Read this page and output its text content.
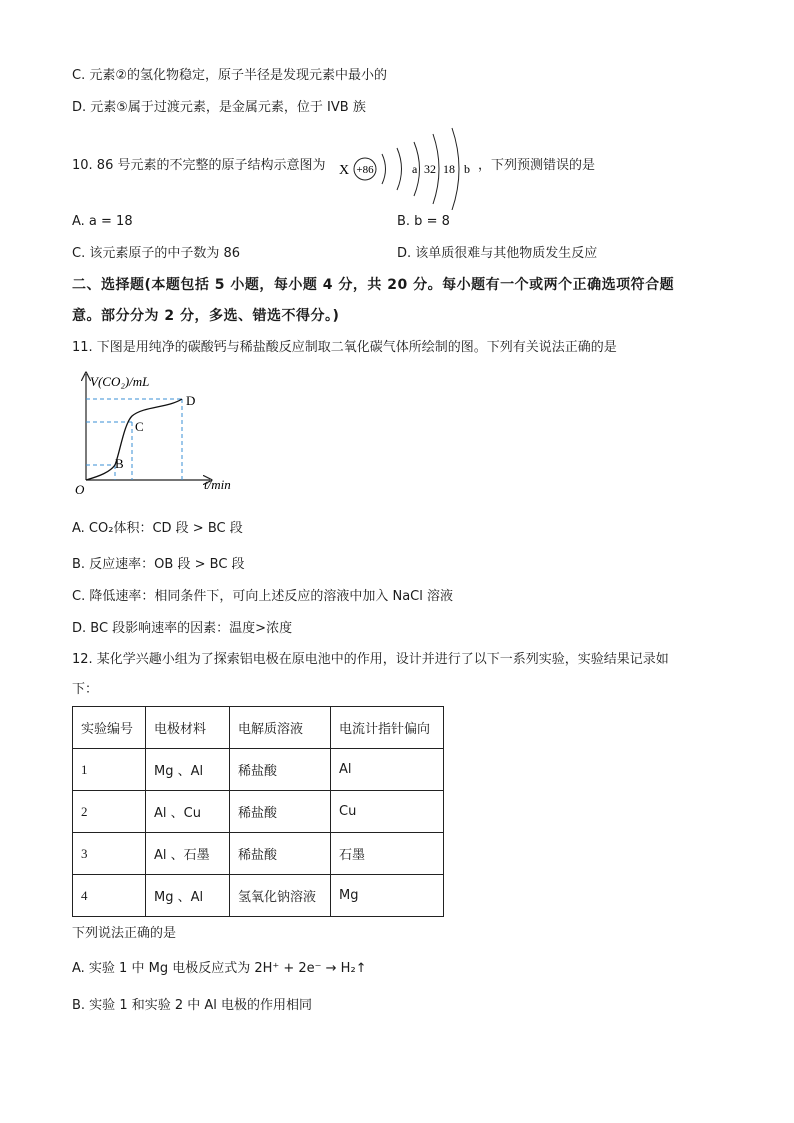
C. 元素②的氢化物稳定，原子半径是发现元素中最小的
D. 元素⑤属于过渡元素，是金属元素，位于 IVB 族
10. 86 号元素的不完整的原子结构示意图为 X +86	a 32 18 b ，下列预测错误的是
A. a = 18	B. b = 8
C. 该元素原子的中子数为 86	D. 该单质很难与其他物质发生反应
二、选择题(本题包括 5 小题，每小题 4 分，共 20 分。每小题有一个或两个正确选项符合题
意。部分分为 2 分，多选、错选不得分。)
11. 下图是用纯净的碳酸钙与稀盐酸反应制取二氧化碳气体所绘制的图。下列有关说法正确的是
V(CO₂)/mL
t/min
O
B
C
D
A. CO₂体积：CD 段 > BC 段
B. 反应速率：OB 段 > BC 段
C. 降低速率：相同条件下，可向上述反应的溶液中加入 NaCl 溶液
D. BC 段影响速率的因素：温度>浓度
12. 某化学兴趣小组为了探索铝电极在原电池中的作用，设计并进行了以下一系列实验，实验结果记录如
下：
实验编号	电极材料	电解质溶液	电流计指针偏向
1	Mg 、Al	稀盐酸	Al
2	Al 、Cu	稀盐酸	Cu
3	Al 、石墨	稀盐酸	石墨
4	Mg 、Al	氢氧化钠溶液	Mg
下列说法正确的是
A. 实验 1 中 Mg 电极反应式为 2H⁺ + 2e⁻ → H₂↑
B. 实验 1 和实验 2 中 Al 电极的作用相同
